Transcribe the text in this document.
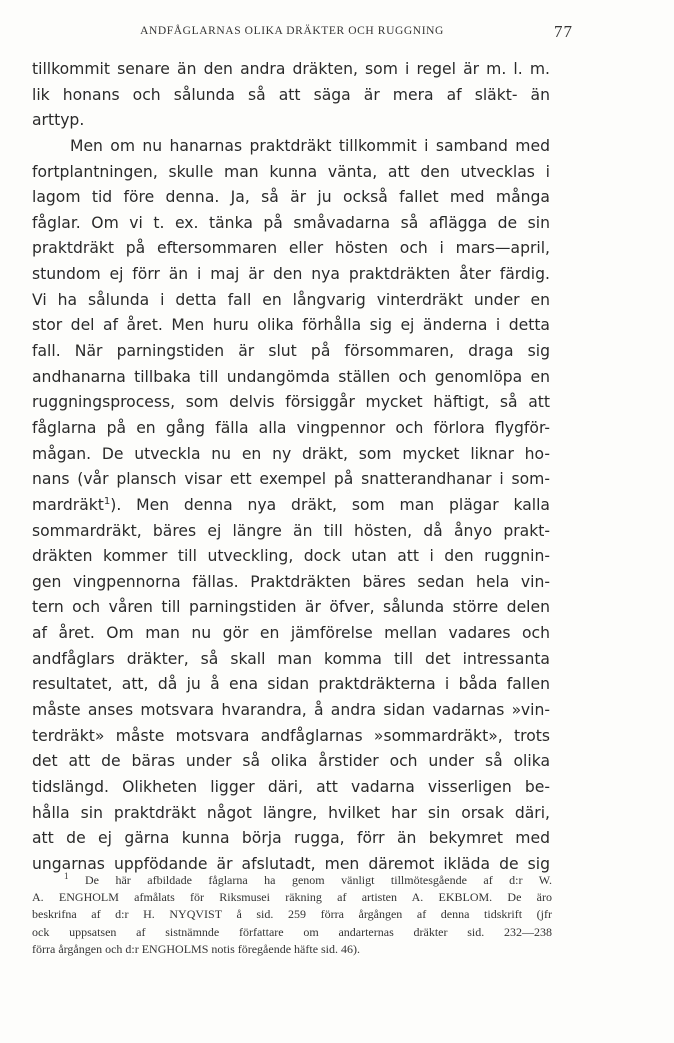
ANDFÅGLARNAS OLIKA DRÄKTER OCH RUGGNING	77
tillkommit senare än den andra dräkten, som i regel är m. l. m.
lik honans och sålunda så att säga är mera af släkt- än
arttyp.
Men om nu hanarnas praktdräkt tillkommit i samband med
fortplantningen, skulle man kunna vänta, att den utvecklas i
lagom tid före denna. Ja, så är ju också fallet med många
fåglar. Om vi t. ex. tänka på småvadarna så aflägga de sin
praktdräkt på eftersommaren eller hösten och i mars—april,
stundom ej förr än i maj är den nya praktdräkten åter färdig.
Vi ha sålunda i detta fall en långvarig vinterdräkt under en
stor del af året. Men huru olika förhålla sig ej änderna i detta
fall. När parningstiden är slut på försommaren, draga sig
andhanarna tillbaka till undangömda ställen och genomlöpa en
ruggningsprocess, som delvis försiggår mycket häftigt, så att
fåglarna på en gång fälla alla vingpennor och förlora flygför-
mågan. De utveckla nu en ny dräkt, som mycket liknar ho-
nans (vår plansch visar ett exempel på snatterandhanar i som-
mardräkt$^1$). Men denna nya dräkt, som man plägar kalla
sommardräkt, bäres ej längre än till hösten, då ånyo prakt-
dräkten kommer till utveckling, dock utan att i den ruggnin-
gen vingpennorna fällas. Praktdräkten bäres sedan hela vin-
tern och våren till parningstiden är öfver, sålunda större delen
af året. Om man nu gör en jämförelse mellan vadares och
andfåglars dräkter, så skall man komma till det intressanta
resultatet, att, då ju å ena sidan praktdräkterna i båda fallen
måste anses motsvara hvarandra, å andra sidan vadarnas »vin-
terdräkt» måste motsvara andfåglarnas »sommardräkt», trots
det att de bäras under så olika årstider och under så olika
tidslängd. Olikheten ligger däri, att vadarna visserligen be-
hålla sin praktdräkt något längre, hvilket har sin orsak däri,
att de ej gärna kunna börja rugga, förr än bekymret med
ungarnas uppfödande är afslutadt, men däremot ikläda de sig
$^1$ De här afbildade fåglarna ha genom vänligt tillmötesgående af d:r W.
A. ENGHOLM afmålats för Riksmusei räkning af artisten A. EKBLOM. De äro
beskrifna af d:r H. NYQVIST å sid. 259 förra årgången af denna tidskrift (jfr
ock uppsatsen af sistnämnde författare om andarternas dräkter sid. 232—238
förra årgången och d:r ENGHOLMS notis föregående häfte sid. 46).
